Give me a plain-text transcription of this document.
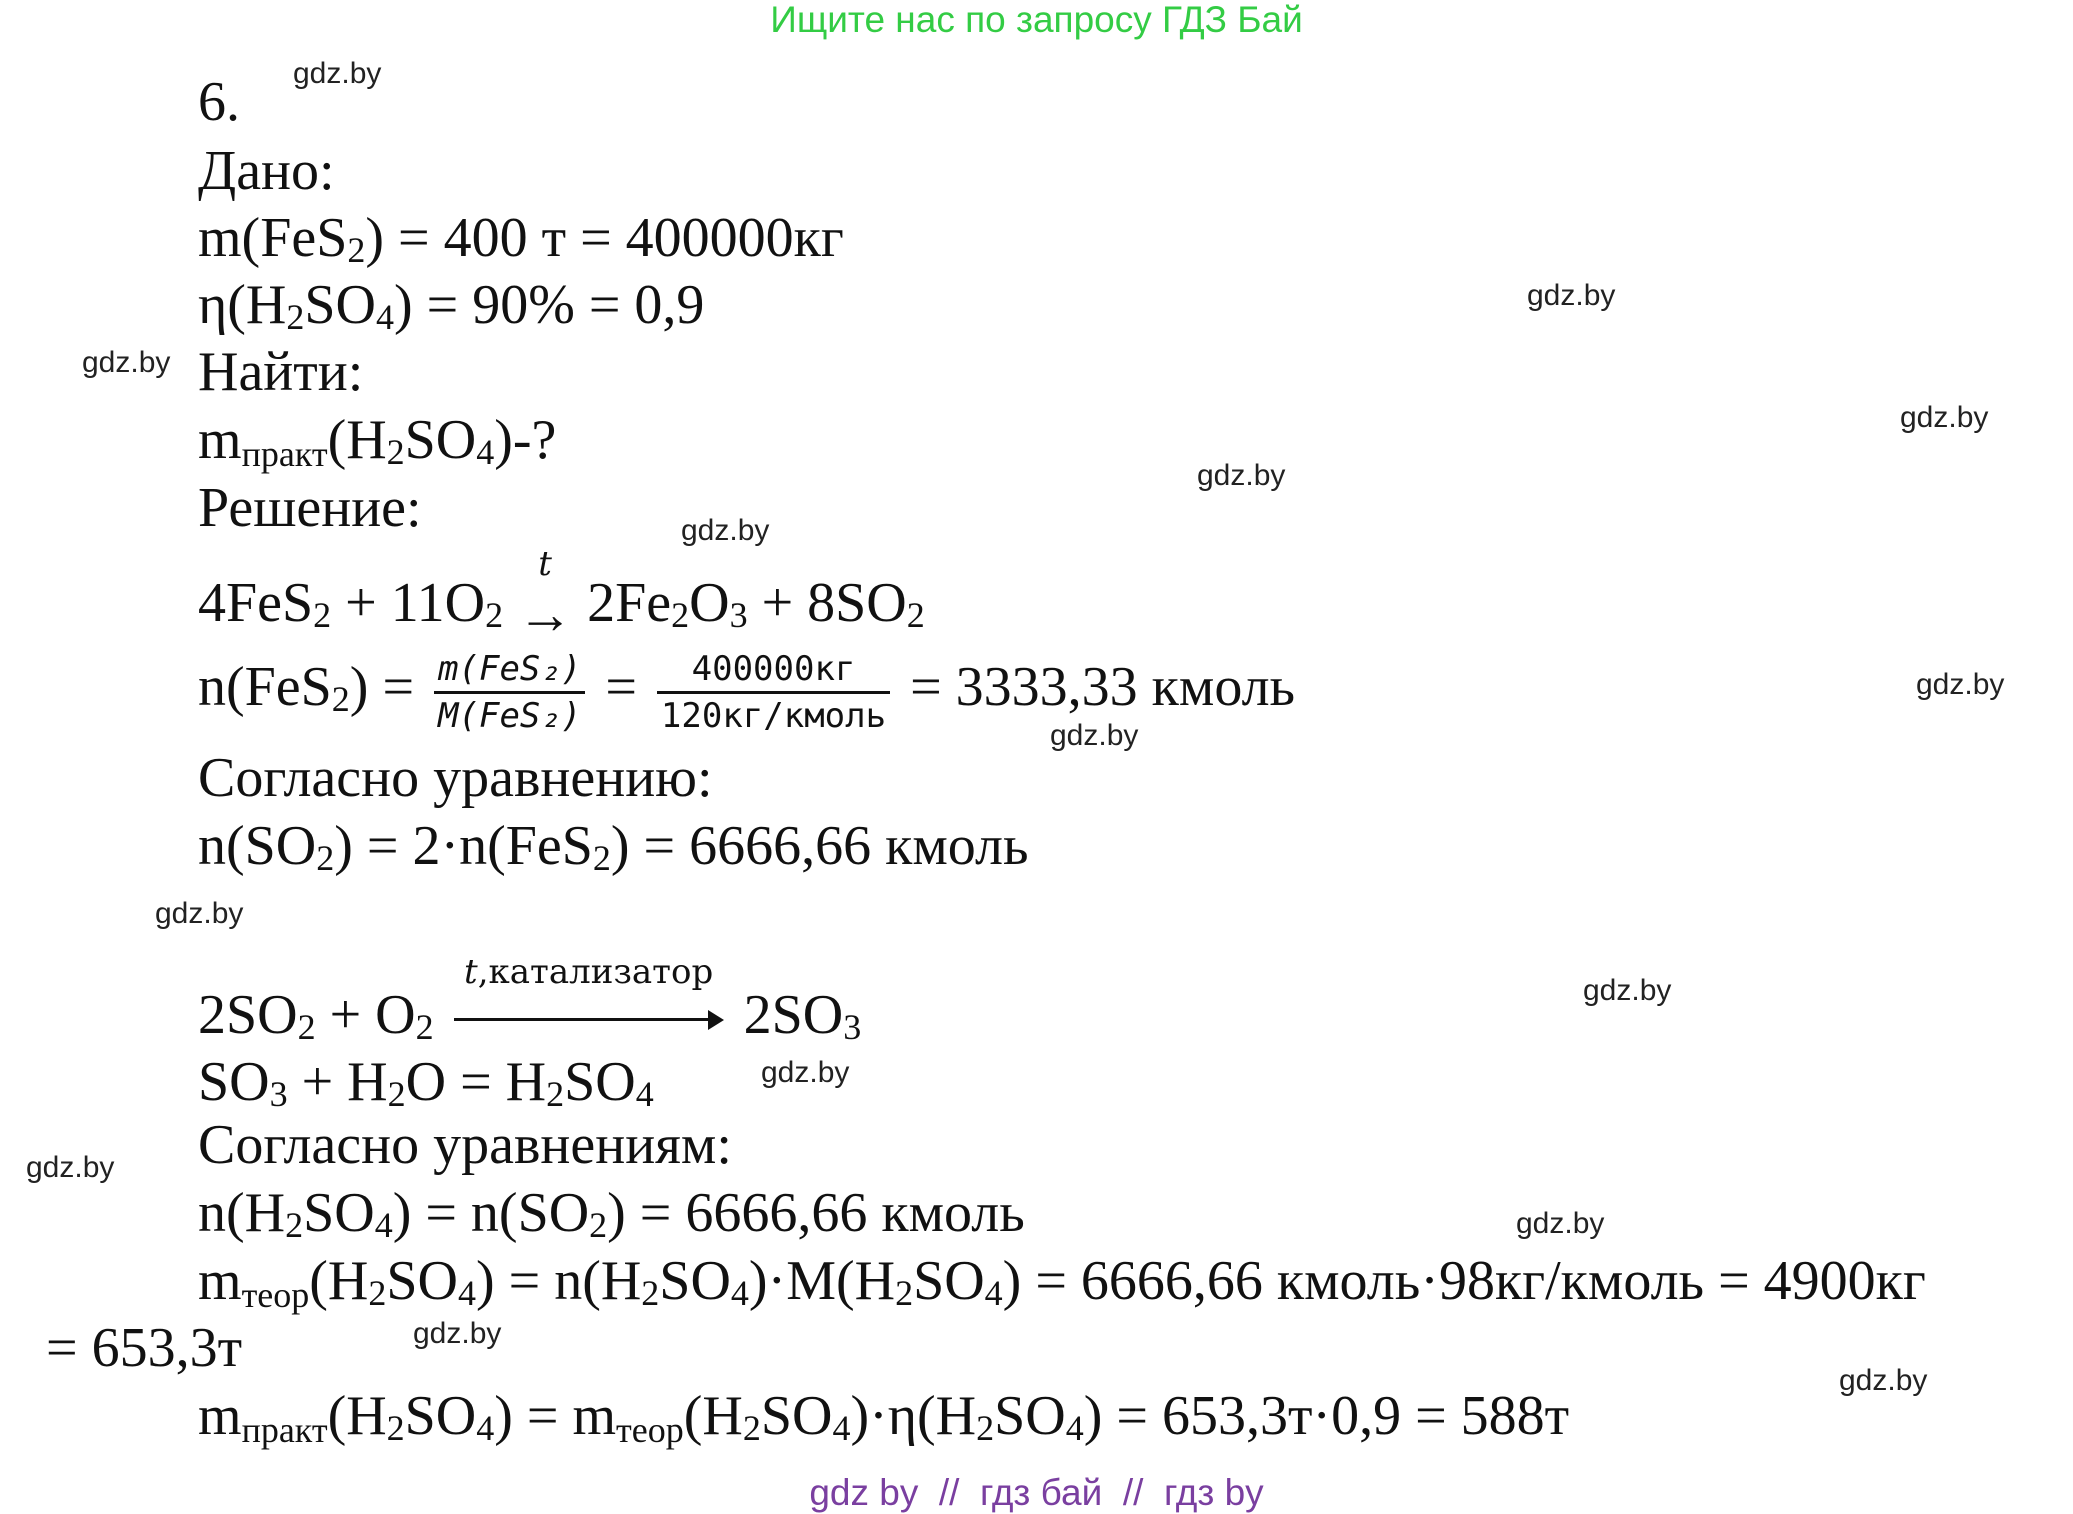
Ищите нас по запросу ГДЗ Бай
gdz.by
gdz.by
gdz.by
gdz.by
gdz.by
gdz.by
gdz.by
gdz.by
gdz.by
gdz.by
gdz.by
gdz.by
gdz.by
gdz.by
gdz.by
6.
Дано:
m(FeS2) = 400 т = 400000кг
η(H2SO4) = 90% = 0,9
Найти:
mпракт(H2SO4)-?
Решение:
4FeS2 + 11O2
t
→ 2Fe2O3 + 8SO2
$n(FeS2) = \frac{\text{m(FeS₂)}}{\text{M(FeS₂)}} = \frac{400000кг}{\text{120кг/кмоль}} = 3333,33$ кмоль
Согласно уравнению:
n(SO2) = 2·n(FeS2) = 6666,66 кмоль
2SO2 + O2
t,катализатор
2SO3
SO3 + H2O = H2SO4
Согласно уравнениям:
n(H2SO4) = n(SO2) = 6666,66 кмоль
mтеор(H2SO4) = n(H2SO4)·M(H2SO4) = 6666,66 кмоль·98кг/кмоль = 4900кг
= 653,3т
mпракт(H2SO4) = mтеор(H2SO4)·η(H2SO4) = 653,3т·0,9 = 588т
gdz by  //  гдз бай  //  гдз by
